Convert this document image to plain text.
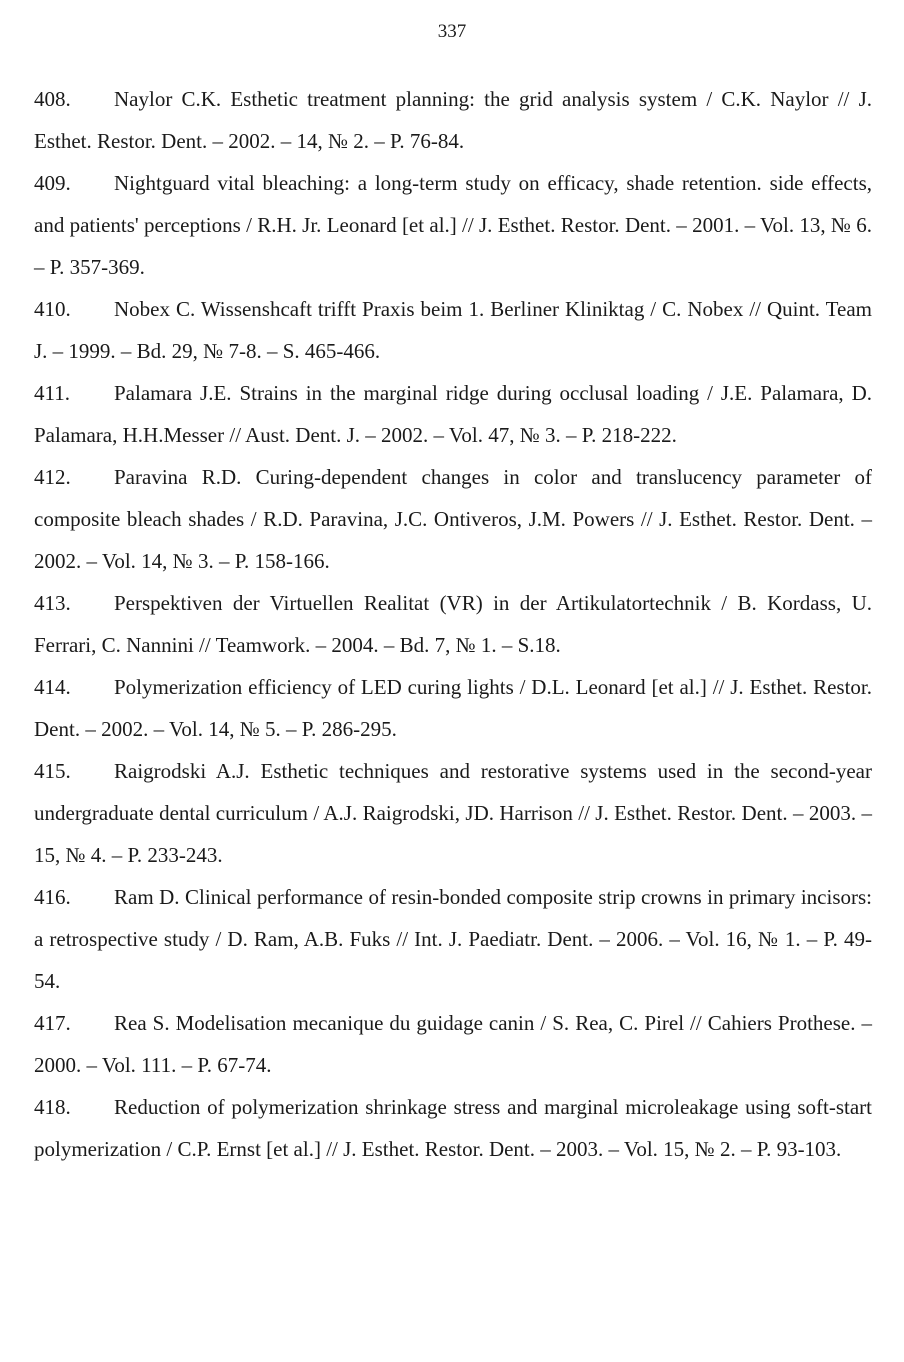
337

408. Naylor C.K. Esthetic treatment planning: the grid analysis system / C.K. Naylor // J. Esthet. Restor. Dent. – 2002. – 14, № 2. – P. 76-84.

409. Nightguard vital bleaching: a long-term study on efficacy, shade retention. side effects, and patients' perceptions / R.H. Jr. Leonard [et al.] // J. Esthet. Restor. Dent. – 2001. – Vol. 13, № 6. – P. 357-369.

410. Nobex C. Wissenshcaft trifft Praxis beim 1. Berliner Kliniktag / C. Nobex // Quint. Team J. – 1999. – Bd. 29, № 7-8. – S. 465-466.

411. Palamara J.E. Strains in the marginal ridge during occlusal loading / J.E. Palamara, D. Palamara, H.H.Messer // Aust. Dent. J. – 2002. – Vol. 47, № 3. – P. 218-222.

412. Paravina R.D. Curing-dependent changes in color and translucency parameter of composite bleach shades / R.D. Paravina, J.C. Ontiveros, J.M. Powers // J. Esthet. Restor. Dent. – 2002. – Vol. 14, № 3. – P. 158-166.

413. Perspektiven der Virtuellen Realitat (VR) in der Artikulatortechnik / B. Kordass, U. Ferrari, C. Nannini // Teamwork. – 2004. – Bd. 7, № 1. – S.18.

414. Polymerization efficiency of LED curing lights / D.L. Leonard [et al.] // J. Esthet. Restor. Dent. – 2002. – Vol. 14, № 5. – P. 286-295.

415. Raigrodski A.J. Esthetic techniques and restorative systems used in the second-year undergraduate dental curriculum / A.J. Raigrodski, JD. Harrison // J. Esthet. Restor. Dent. – 2003. – 15, № 4. – P. 233-243.

416. Ram D. Clinical performance of resin-bonded composite strip crowns in primary incisors: a retrospective study / D. Ram, A.B. Fuks // Int. J. Paediatr. Dent. – 2006. – Vol. 16, № 1. – P. 49-54.

417. Rea S. Modelisation mecanique du guidage canin / S. Rea, C. Pirel // Cahiers Prothese. – 2000. – Vol. 111. – P. 67-74.

418. Reduction of polymerization shrinkage stress and marginal microleakage using soft-start polymerization / C.P. Ernst [et al.] // J. Esthet. Restor. Dent. – 2003. – Vol. 15, № 2. – P. 93-103.
